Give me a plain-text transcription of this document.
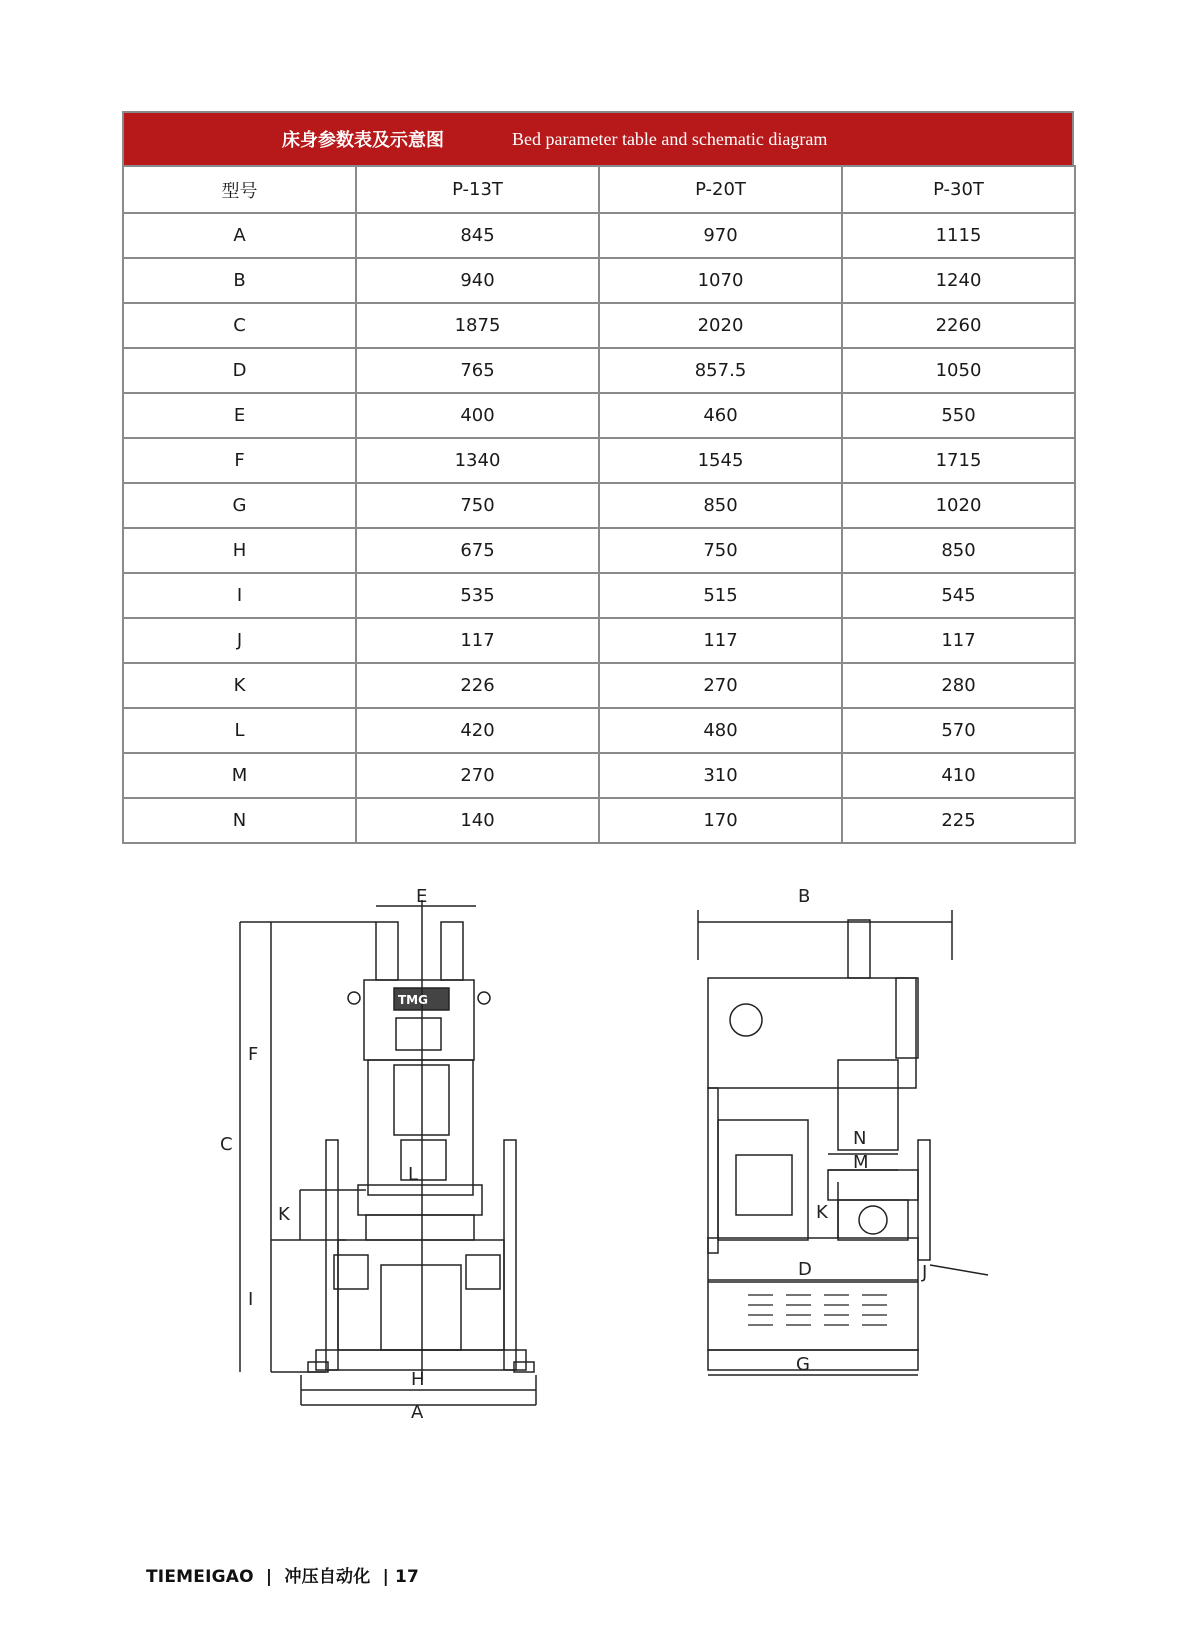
床身参数表及示意图	Bed parameter table and schematic diagram
型号	P-13T	P-20T	P-30T
A	845	970	1115
B	940	1070	1240
C	1875	2020	2260
D	765	857.5	1050
E	400	460	550
F	1340	1545	1715
G	750	850	1020
H	675	750	850
I	535	515	545
J	117	117	117
K	226	270	280
L	420	480	570
M	270	310	410
N	140	170	225
E
F
C
K
L
I
H
A
TMG
B
N
M
K
D	J
G
TIEMEIGAO | 冲压自动化 | 17
